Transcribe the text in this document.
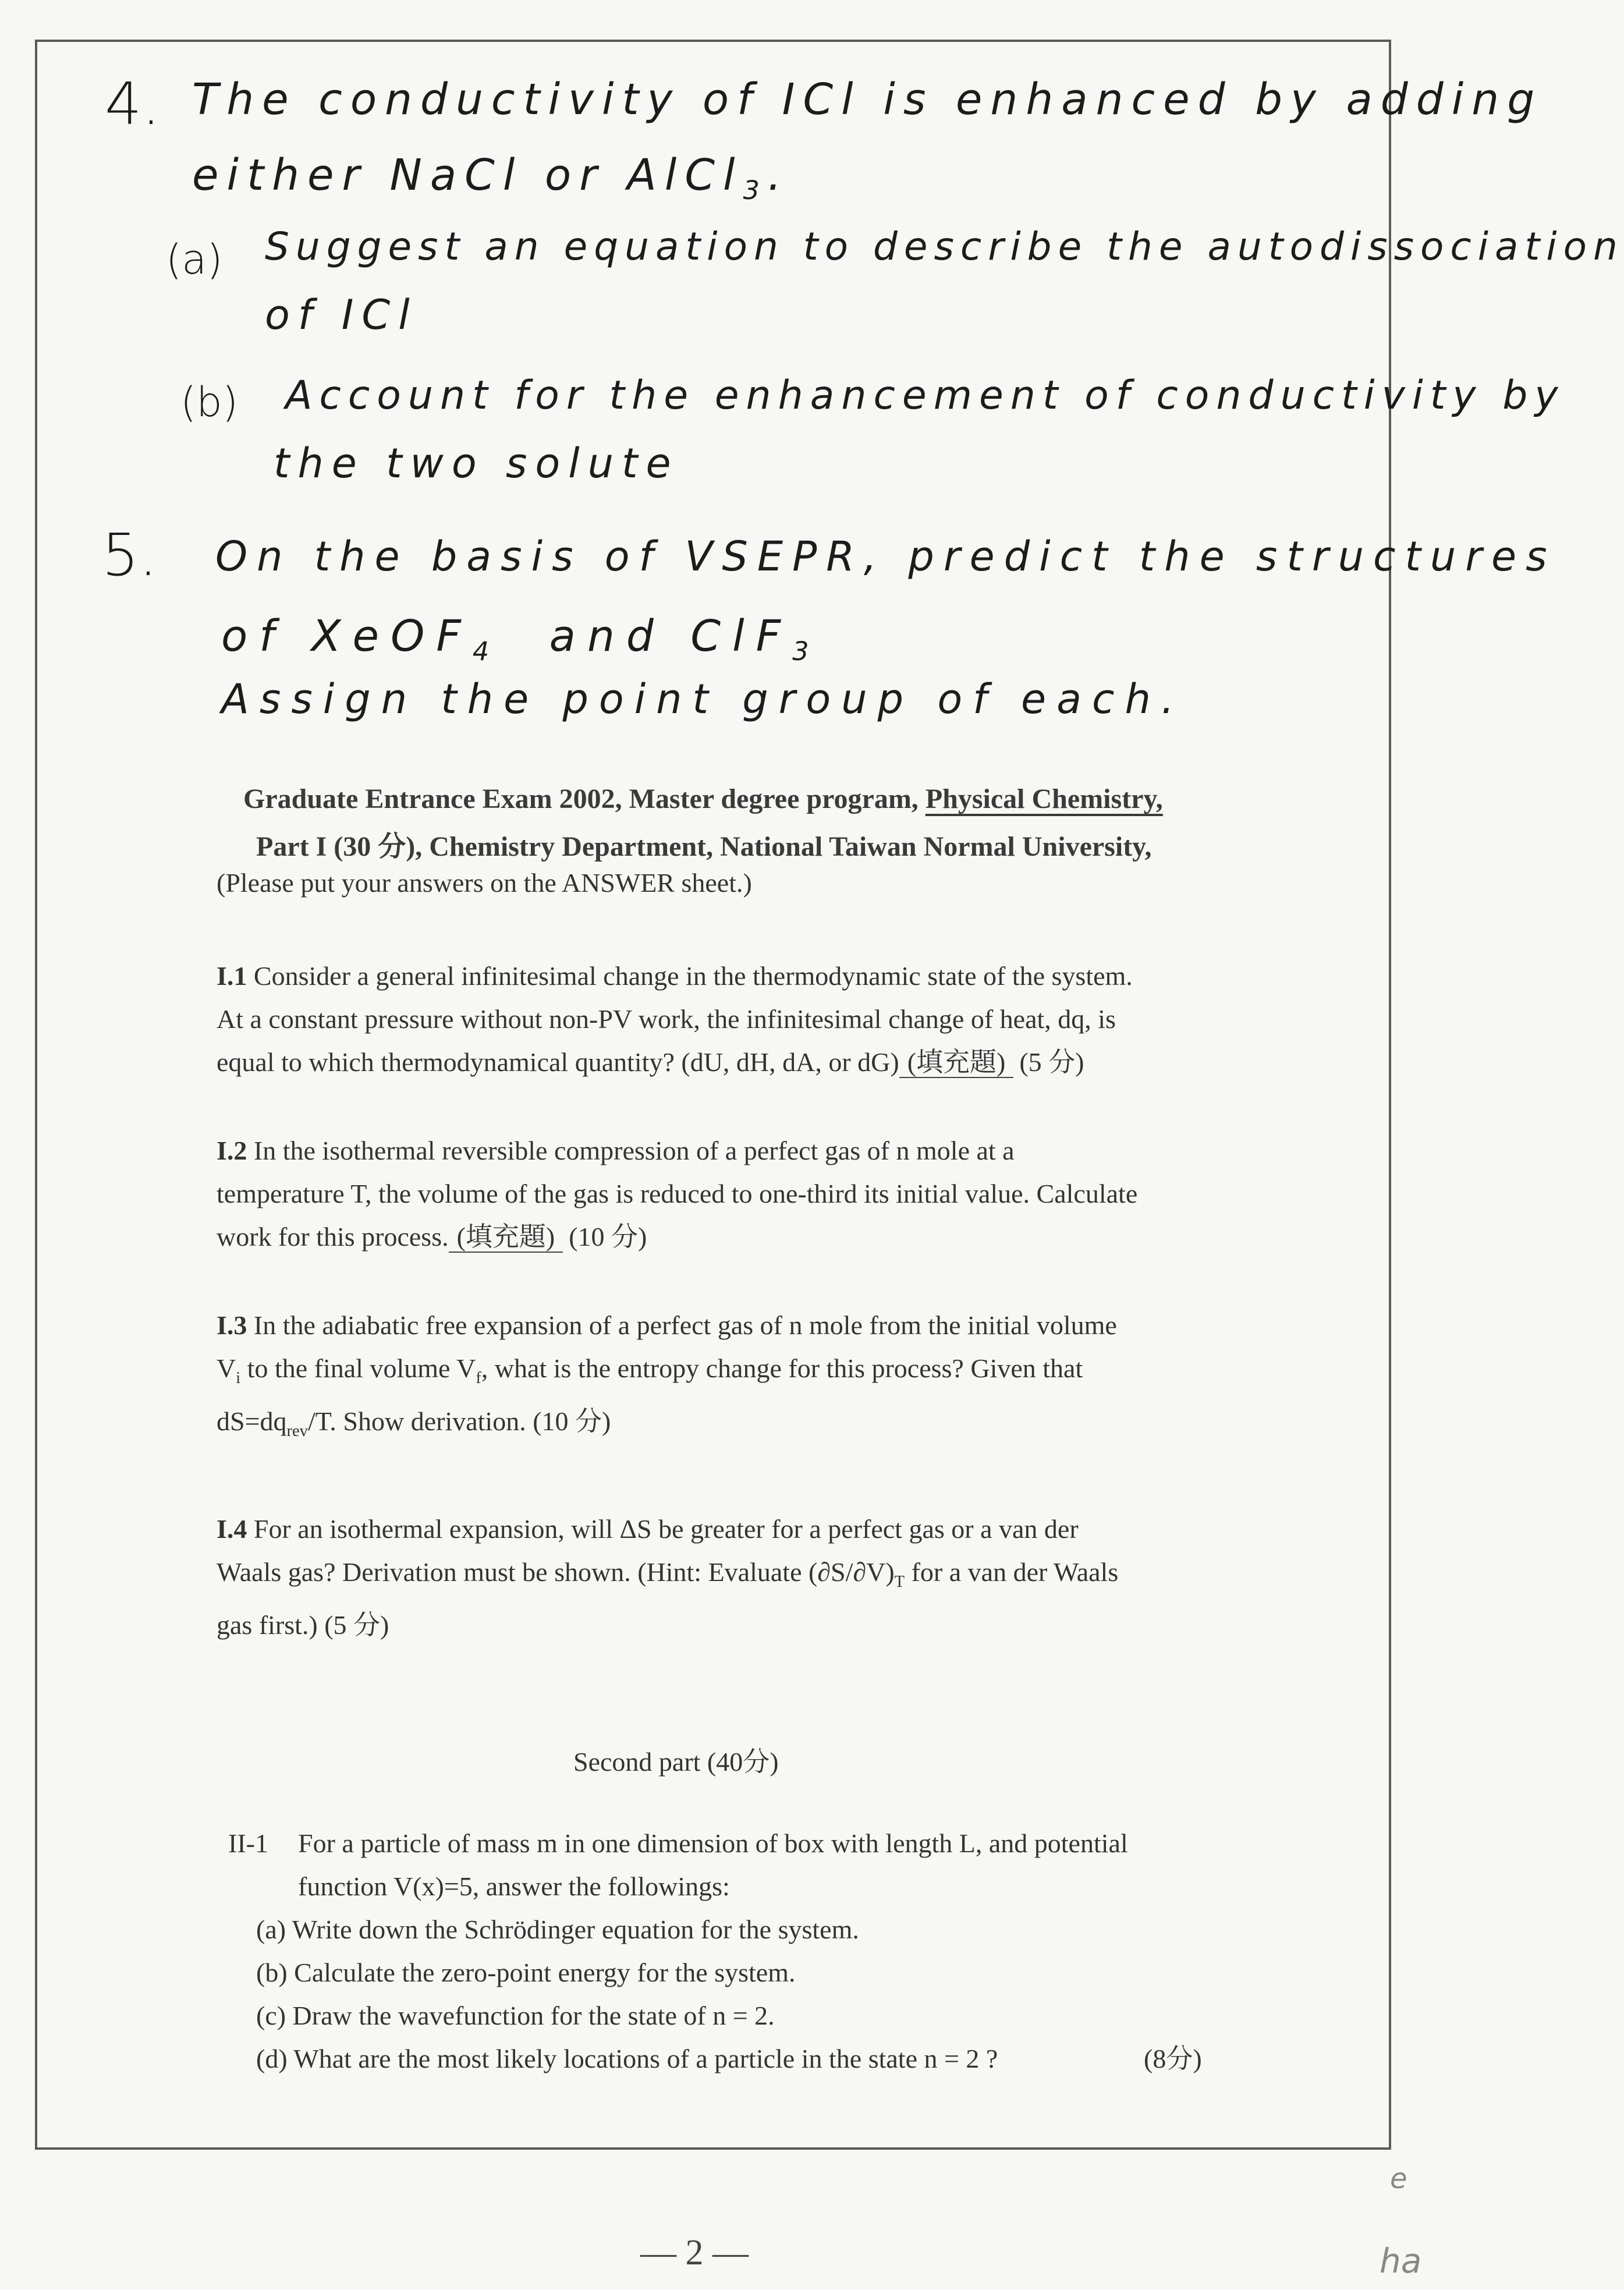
4. The conductivity of ICl is enhanced by adding
either NaCl or AlCl$_3$.
(a) Suggest an equation to describe the autodissociation
of ICl
(b) Account for the enhancement of conductivity by
the two solute
5. On the basis of VSEPR, predict the structures
of XeOF$_4$ and ClF$_3$
Assign the point group of each.
Graduate Entrance Exam 2002, Master degree program, Physical Chemistry,
Part I (30 分), Chemistry Department, National Taiwan Normal University,
(Please put your answers on the ANSWER sheet.)
I.1 Consider a general infinitesimal change in the thermodynamic state of the system.
At a constant pressure without non-PV work, the infinitesimal change of heat, dq, is
equal to which thermodynamical quantity? (dU, dH, dA, or dG) (填充題) (5 分)
I.2 In the isothermal reversible compression of a perfect gas of n mole at a
temperature T, the volume of the gas is reduced to one-third its initial value. Calculate
work for this process. (填充題) (10 分)
I.3 In the adiabatic free expansion of a perfect gas of n mole from the initial volume
$V_i$ to the final volume $V_f$, what is the entropy change for this process? Given that
$dS=dq_{rev}/T$. Show derivation. (10 分)
I.4 For an isothermal expansion, will ΔS be greater for a perfect gas or a van der
Waals gas? Derivation must be shown. (Hint: Evaluate $(\partial S/\partial V)_T$ for a van der Waals
gas first.) (5 分)
Second part (40分)
II-1 For a particle of mass m in one dimension of box with length L, and potential
function V(x)=5, answer the followings:
(a) Write down the Schrödinger equation for the system.
(b) Calculate the zero-point energy for the system.
(c) Draw the wavefunction for the state of n = 2.
(d) What are the most likely locations of a particle in the state n = 2 ?	(8分)
— 2 —
e
ha
